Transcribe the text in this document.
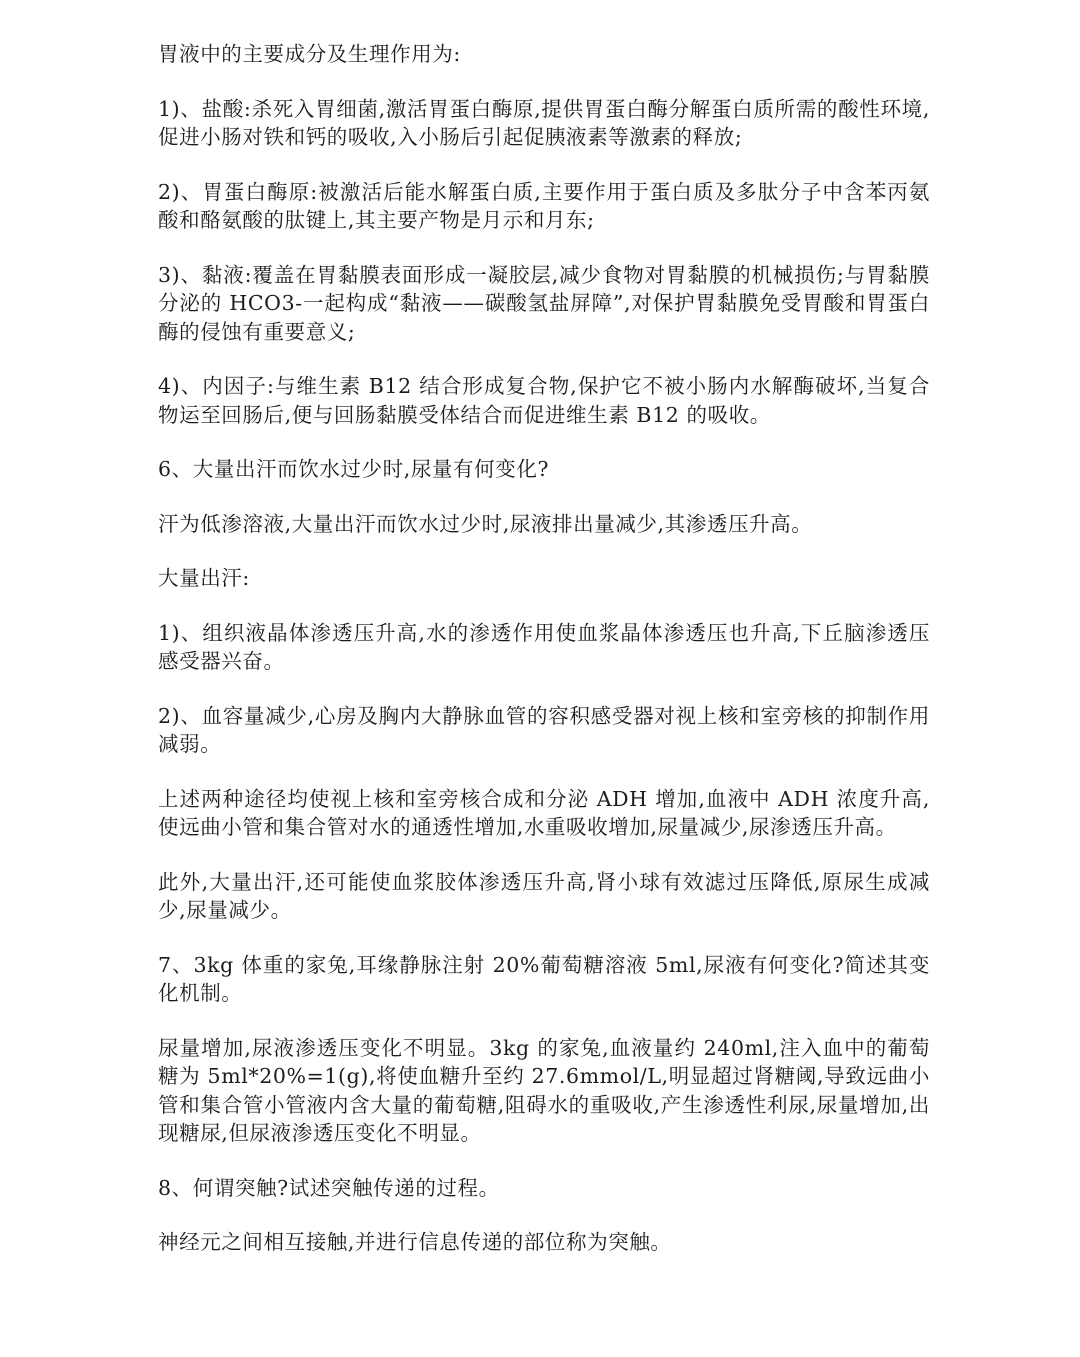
胃液中的主要成分及生理作用为:

1)、盐酸:杀死入胃细菌,激活胃蛋白酶原,提供胃蛋白酶分解蛋白质所需的酸性环境,促进小肠对铁和钙的吸收,入小肠后引起促胰液素等激素的释放;

2)、胃蛋白酶原:被激活后能水解蛋白质,主要作用于蛋白质及多肽分子中含苯丙氨酸和酪氨酸的肽键上,其主要产物是月示和月东;

3)、黏液:覆盖在胃黏膜表面形成一凝胶层,减少食物对胃黏膜的机械损伤;与胃黏膜分泌的 HCO3-一起构成“黏液——碳酸氢盐屏障”,对保护胃黏膜免受胃酸和胃蛋白酶的侵蚀有重要意义;

4)、内因子:与维生素 B12 结合形成复合物,保护它不被小肠内水解酶破坏,当复合物运至回肠后,便与回肠黏膜受体结合而促进维生素 B12 的吸收。

6、大量出汗而饮水过少时,尿量有何变化?

汗为低渗溶液,大量出汗而饮水过少时,尿液排出量减少,其渗透压升高。

大量出汗:

1)、组织液晶体渗透压升高,水的渗透作用使血浆晶体渗透压也升高,下丘脑渗透压感受器兴奋。

2)、血容量减少,心房及胸内大静脉血管的容积感受器对视上核和室旁核的抑制作用减弱。

上述两种途径均使视上核和室旁核合成和分泌 ADH 增加,血液中 ADH 浓度升高,使远曲小管和集合管对水的通透性增加,水重吸收增加,尿量减少,尿渗透压升高。

此外,大量出汗,还可能使血浆胶体渗透压升高,肾小球有效滤过压降低,原尿生成减少,尿量减少。

7、3kg 体重的家兔,耳缘静脉注射 20%葡萄糖溶液 5ml,尿液有何变化?简述其变化机制。

尿量增加,尿液渗透压变化不明显。3kg 的家兔,血液量约 240ml,注入血中的葡萄糖为 5ml*20%=1(g),将使血糖升至约 27.6mmol/L,明显超过肾糖阈,导致远曲小管和集合管小管液内含大量的葡萄糖,阻碍水的重吸收,产生渗透性利尿,尿量增加,出现糖尿,但尿液渗透压变化不明显。

8、何谓突触?试述突触传递的过程。

神经元之间相互接触,并进行信息传递的部位称为突触。
